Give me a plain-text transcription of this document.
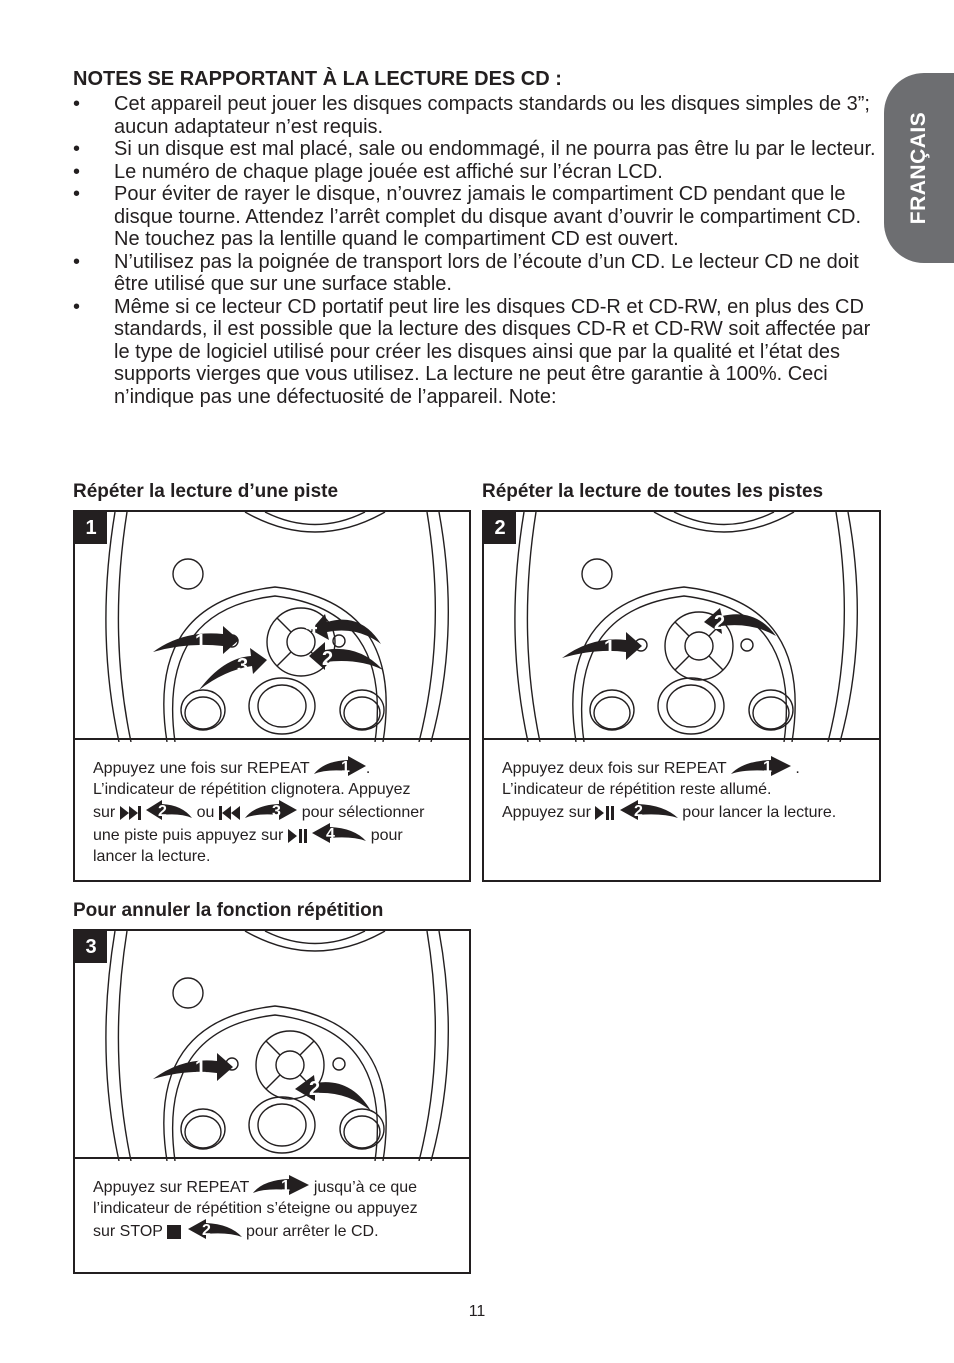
FRANÇAIS
NOTES SE RAPPORTANT À LA LECTURE DES CD :
• Cet appareil peut jouer les disques compacts standards ou les disques simples de 3”; aucun adaptateur n’est requis.
• Si un disque est mal placé, sale ou endommagé, il ne pourra pas être lu par le lecteur.
• Le numéro de chaque plage jouée est affiché sur l’écran LCD.
• Pour éviter de rayer le disque, n’ouvrez jamais le compartiment CD pendant que le disque tourne. Attendez l’arrêt complet du disque avant d’ouvrir le compartiment CD. Ne touchez pas la lentille quand le compartiment CD est ouvert.
• N’utilisez pas la poignée de transport lors de l’écoute d’un CD. Le lecteur CD ne doit être utilisé que sur une surface stable.
• Même si ce lecteur CD portatif peut lire les disques CD-R et CD-RW, en plus des CD standards, il est possible que la lecture des disques CD-R et CD-RW soit affectée par le type de logiciel utilisé pour créer les disques ainsi que par la qualité et l’état des supports vierges que vous utilisez. La lecture ne peut être garantie à 100%. Ceci n’indique pas une défectuosité de l’appareil. Note:
Répéter la lecture d’une piste
1
2
3
4
1
Appuyez une fois sur REPEAT 1 .
L’indicateur de répétition clignotera. Appuyez
sur	2 ou	3 pour sélectionner
une piste puis appuyez sur	4 pour
lancer la lecture.
Répéter la lecture de toutes les pistes
1
2
2
Appuyez deux fois sur REPEAT 1 .
L’indicateur de répétition reste allumé.
Appuyez sur	2 pour lancer la lecture.
Pour annuler la fonction répétition
1
2
3
Appuyez sur REPEAT 1 jusqu’à ce que
l’indicateur de répétition s’éteigne ou appuyez
sur STOP 2 pour arrêter le CD.
11
